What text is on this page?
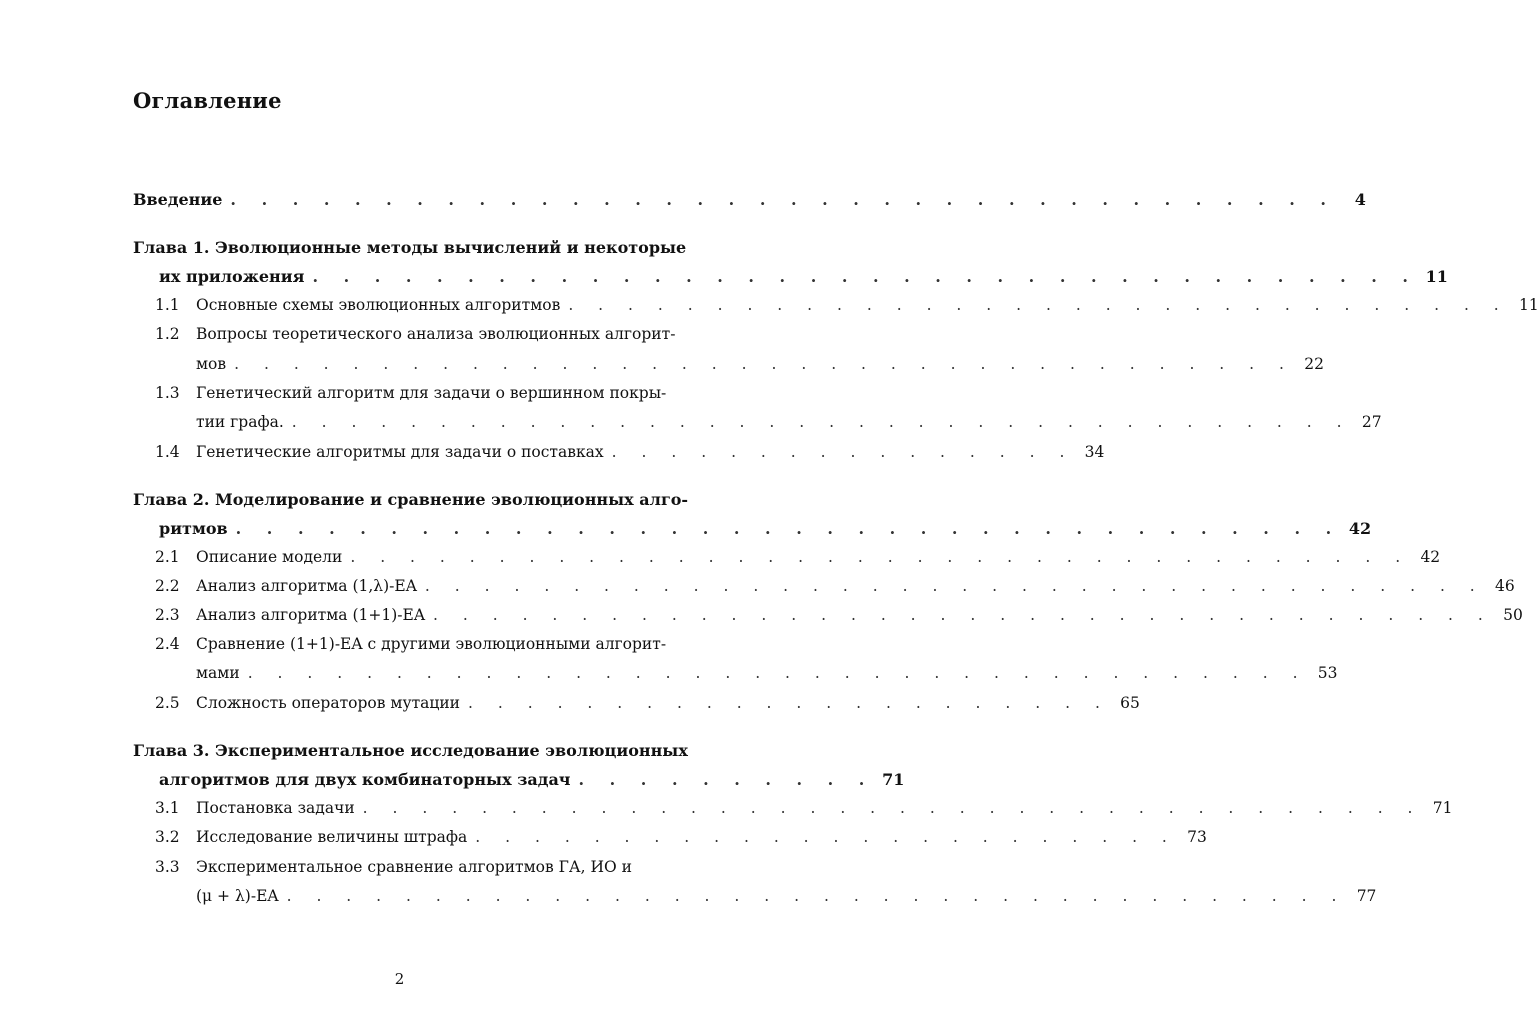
Оглавление
Введение . . . . . . . . . . . . . . . . . . . . . . . . . . . . . . . . . . . .	4
Глава 1. Эволюционные методы вычислений и некоторые
их приложения . . . . . . . . . . . . . . . . . . . . . . . . . . . . . . . . . . . . 11
1.1	Основные схемы эволюционных алгоритмов . . . . . . . . . . . . . . . . . . . . . . . . . . . . . . . . 11
1.2	Вопросы теоретического анализа эволюционных алгорит-
мов . . . . . . . . . . . . . . . . . . . . . . . . . . . . . . . . . . . . 22
1.3	Генетический алгоритм для задачи о вершинном покры-
тии графа. . . . . . . . . . . . . . . . . . . . . . . . . . . . . . . . . . . . . 27
1.4	Генетические алгоритмы для задачи о поставках . . . . . . . . . . . . . . . . 34
Глава 2. Моделирование и сравнение эволюционных алго-
ритмов . . . . . . . . . . . . . . . . . . . . . . . . . . . . . . . . . . . . 42
2.1	Описание модели . . . . . . . . . . . . . . . . . . . . . . . . . . . . . . . . . . . . 42
2.2	Анализ алгоритма (1,λ)-EA . . . . . . . . . . . . . . . . . . . . . . . . . . . . . . . . . . . . 46
2.3	Анализ алгоритма (1+1)-EA . . . . . . . . . . . . . . . . . . . . . . . . . . . . . . . . . . . . 50
2.4	Сравнение (1+1)-EA с другими эволюционными алгорит-
мами . . . . . . . . . . . . . . . . . . . . . . . . . . . . . . . . . . . . 53
2.5	Сложность операторов мутации . . . . . . . . . . . . . . . . . . . . . . 65
Глава 3. Экспериментальное исследование эволюционных
алгоритмов для двух комбинаторных задач . . . . . . . . . . 71
3.1	Постановка задачи . . . . . . . . . . . . . . . . . . . . . . . . . . . . . . . . . . . . 71
3.2	Исследование величины штрафа . . . . . . . . . . . . . . . . . . . . . . . . 73
3.3	Экспериментальное сравнение алгоритмов ГА, ИО и
(μ + λ)-EA . . . . . . . . . . . . . . . . . . . . . . . . . . . . . . . . . . . . 77
2
